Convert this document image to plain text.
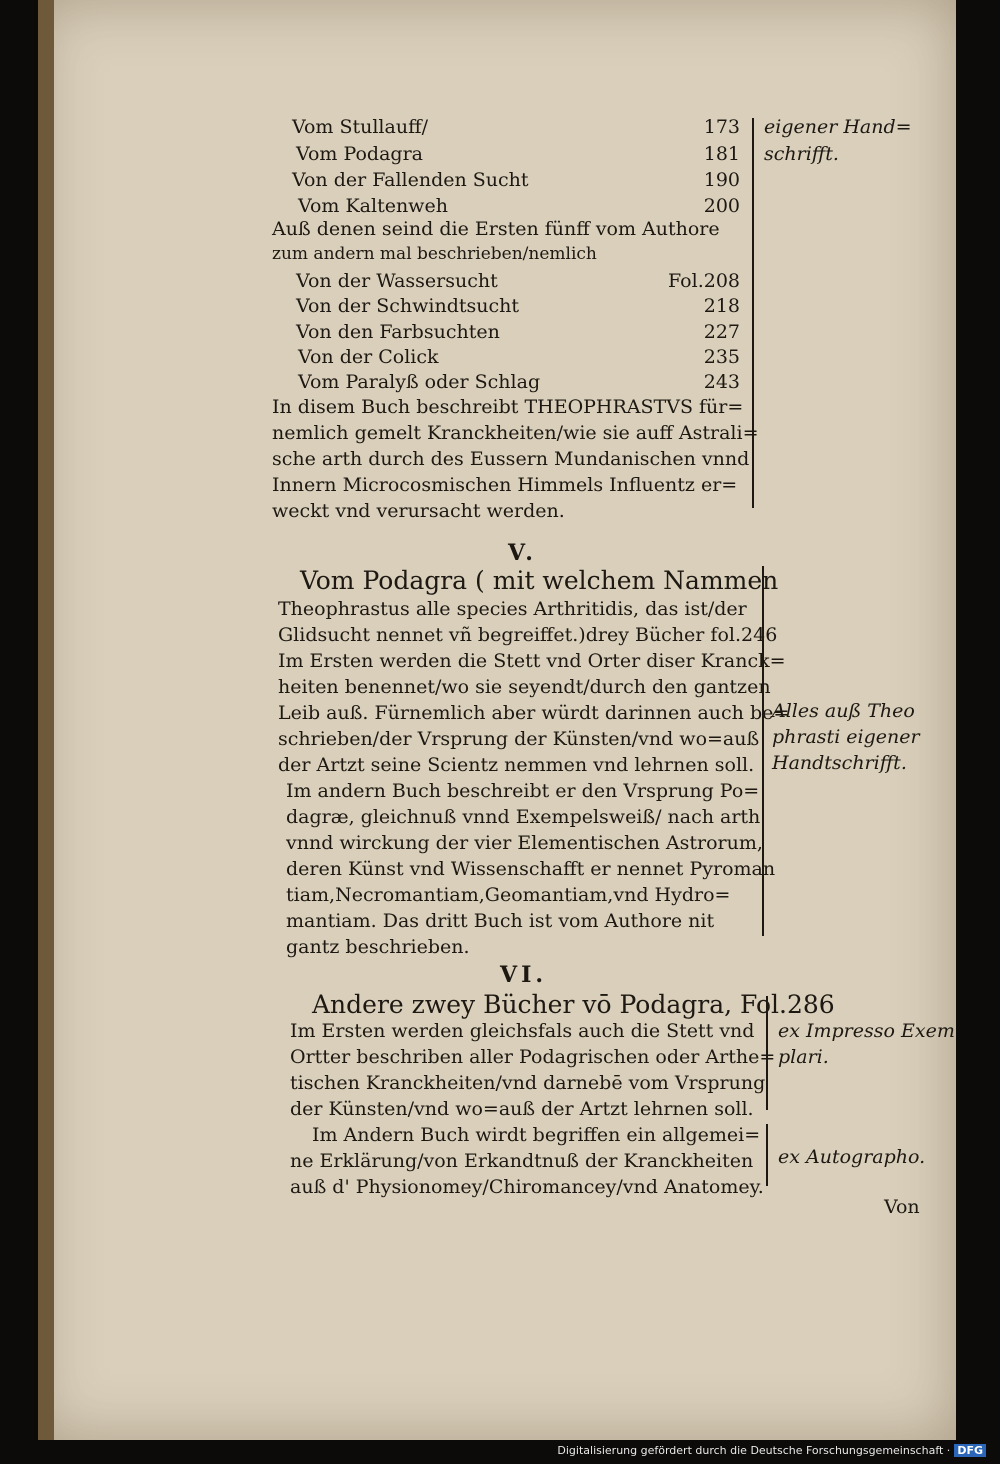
Vom Stullauff/	173
Vom Podagra	181
Von der Fallenden Sucht	190
Vom Kaltenweh	200
Auß denen seind die Ersten fünff vom Authore
zum andern mal beschrieben/nemlich
Von der Wassersucht	Fol.208
Von der Schwindtsucht	218
Von den Farbsuchten	227
Von der Colick	235
Vom Paralyß oder Schlag	243
In disem Buch beschreibt THEOPHRASTVS für=
nemlich gemelt Kranckheiten/wie sie auff Astrali=
sche arth durch des Eussern Mundanischen vnnd
Innern Microcosmischen Himmels Influentz er=
weckt vnd verursacht werden.
eigener Hand=
schrifft.
V.
Vom Podagra ( mit welchem Nammen
Theophrastus alle species Arthritidis, das ist/der
Glidsucht nennet vñ begreiffet.)drey Bücher fol.246
Im Ersten werden die Stett vnd Orter diser Kranck=
heiten benennet/wo sie seyendt/durch den gantzen
Leib auß. Fürnemlich aber würdt darinnen auch be=
schrieben/der Vrsprung der Künsten/vnd wo=auß
der Artzt seine Scientz nemmen vnd lehrnen soll.
Im andern Buch beschreibt er den Vrsprung Po=
dagræ, gleichnuß vnnd Exempelsweiß/ nach arth
vnnd wirckung der vier Elementischen Astrorum,
deren Künst vnd Wissenschafft er nennet Pyroman
tiam,Necromantiam,Geomantiam,vnd Hydro=
mantiam. Das dritt Buch ist vom Authore nit
gantz beschrieben.
Alles auß Theo
phrasti eigener
Handtschrifft.
VI.
Andere zwey Bücher vō Podagra, Fol.286
Im Ersten werden gleichsfals auch die Stett vnd
Ortter beschriben aller Podagrischen oder Arthe=
tischen Kranckheiten/vnd darnebē vom Vrsprung
der Künsten/vnd wo=auß der Artzt lehrnen soll.
Im Andern Buch wirdt begriffen ein allgemei=
ne Erklärung/von Erkandtnuß der Kranckheiten
auß d' Physionomey/Chiromancey/vnd Anatomey.
ex Impresso Exem
plari.
ex Autographo.
Von
Digitalisierung gefördert durch die Deutsche Forschungsgemeinschaft · DFG
